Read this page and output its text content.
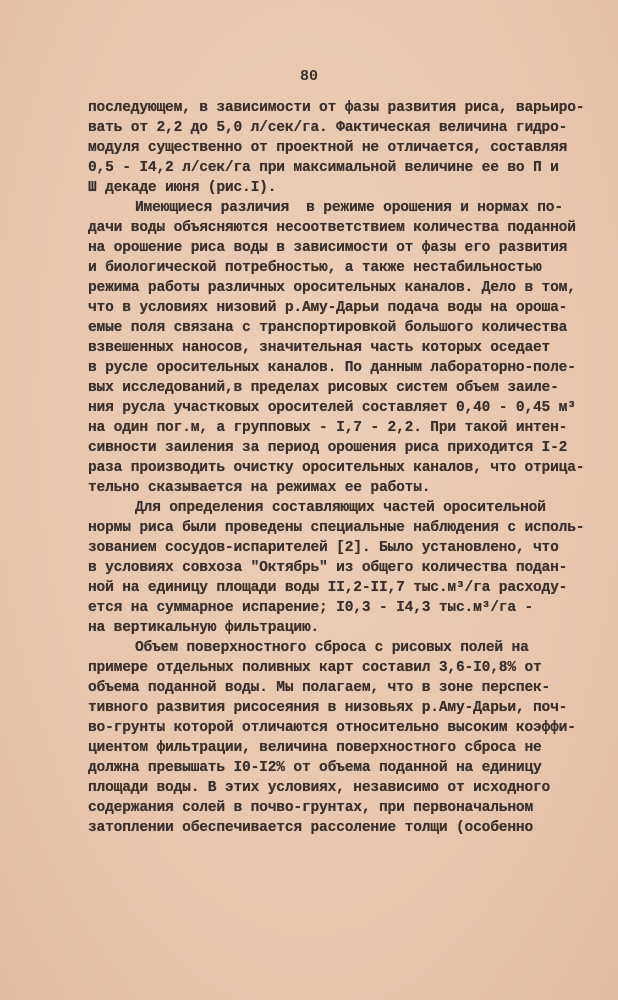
80
последующем, в зависимости от фазы развития риса, варьиро-
вать от 2,2 до 5,0 л/сек/га. Фактическая величина гидро-
модуля существенно от проектной не отличается, составляя
0,5 - I4,2 л/сек/га при максимальной величине ее во П и
Ш декаде июня (рис.I).
Имеющиеся различия  в режиме орошения и нормах по-
дачи воды объясняются несоответствием количества поданной
на орошение риса воды в зависимости от фазы его развития
и биологической потребностью, а также нестабильностью
режима работы различных оросительных каналов. Дело в том,
что в условиях низовий р.Аму-Дарьи подача воды на ороша-
емые поля связана с транспортировкой большого количества
взвешенных наносов, значительная часть которых оседает
в русле оросительных каналов. По данным лабораторно-поле-
вых исследований,в пределах рисовых систем объем заиле-
ния русла участковых оросителей составляет 0,40 - 0,45 м³
на один пог.м, а групповых - I,7 - 2,2. При такой интен-
сивности заиления за период орошения риса приходится I-2
раза производить очистку оросительных каналов, что отрица-
тельно сказывается на режимах ее работы.
Для определения составляющих частей оросительной
нормы риса были проведены специальные наблюдения с исполь-
зованием сосудов-испарителей [2]. Было установлено, что
в условиях совхоза "Октябрь" из общего количества подан-
ной на единицу площади воды II,2-II,7 тыс.м³/га расходу-
ется на суммарное испарение; I0,3 - I4,3 тыс.м³/га -
на вертикальную фильтрацию.
Объем поверхностного сброса с рисовых полей на
примере отдельных поливных карт составил 3,6-I0,8% от
объема поданной воды. Мы полагаем, что в зоне перспек-
тивного развития рисосеяния в низовьях р.Аму-Дарьи, поч-
во-грунты которой отличаются относительно высоким коэффи-
циентом фильтрации, величина поверхностного сброса не
должна превышать I0-I2% от объема поданной на единицу
площади воды. В этих условиях, независимо от исходного
содержания солей в почво-грунтах, при первоначальном
затоплении обеспечивается рассоление толщи (особенно
